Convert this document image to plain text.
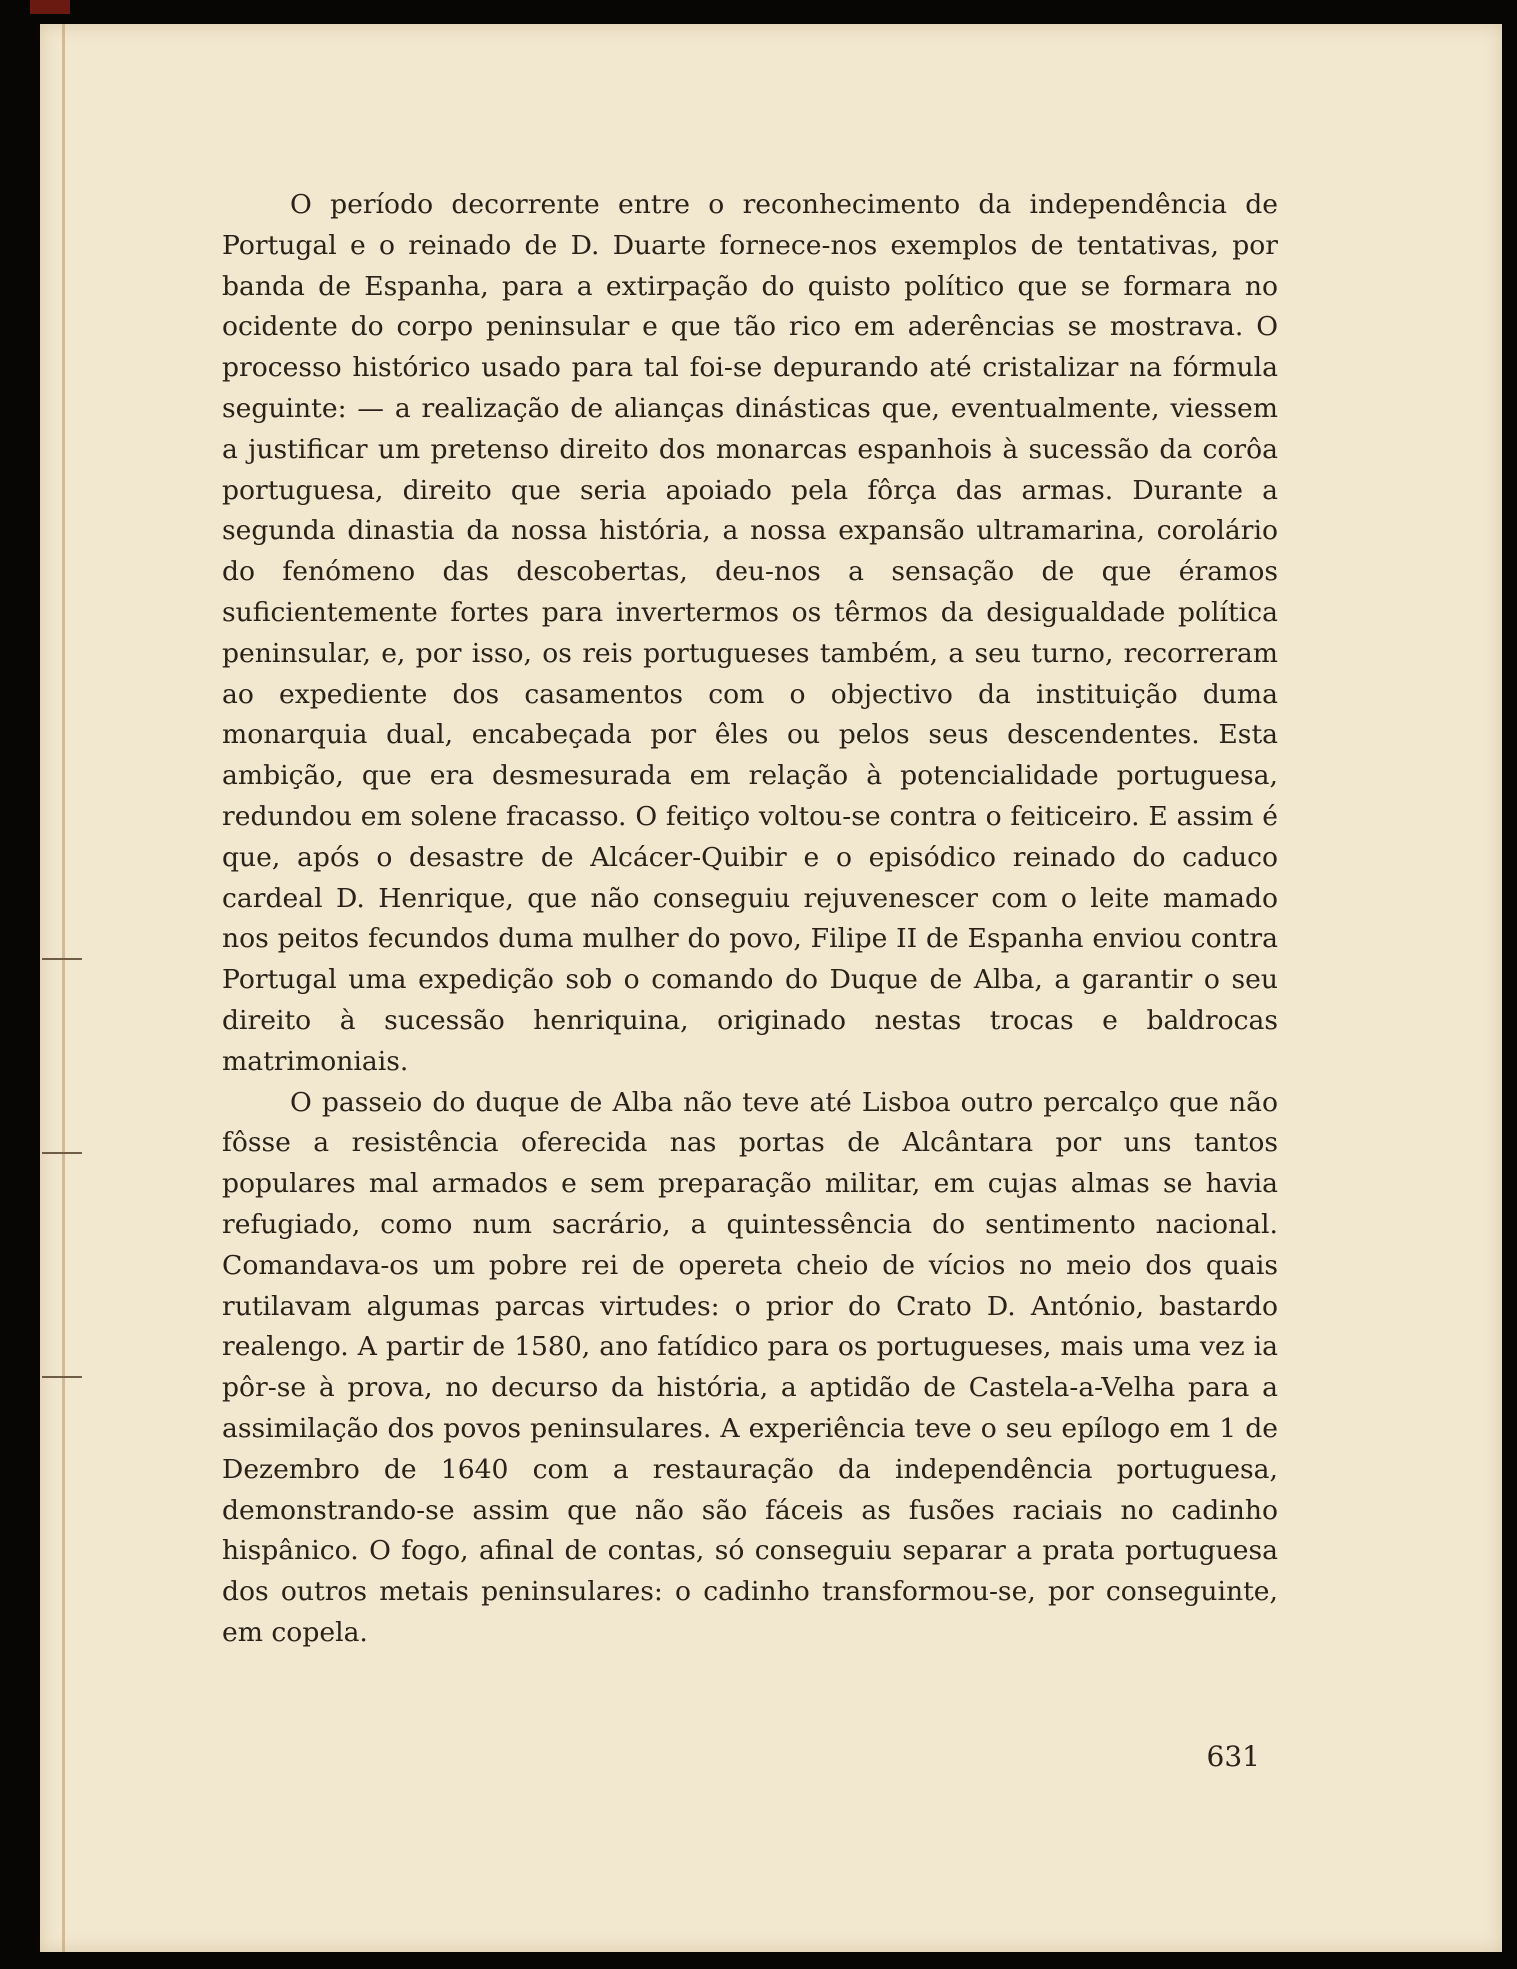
O período decorrente entre o reconhecimento da independência de Portugal e o reinado de D. Duarte fornece-nos exemplos de tentativas, por banda de Espanha, para a extirpação do quisto político que se formara no ocidente do corpo peninsular e que tão rico em aderências se mostrava. O processo histórico usado para tal foi-se depurando até cristalizar na fórmula seguinte: — a realização de alianças dinásticas que, eventualmente, viessem a justificar um pretenso direito dos monarcas espanhois à sucessão da corôa portuguesa, direito que seria apoiado pela fôrça das armas. Durante a segunda dinastia da nossa história, a nossa expansão ultramarina, corolário do fenómeno das descobertas, deu-nos a sensação de que éramos suficientemente fortes para invertermos os têrmos da desigualdade política peninsular, e, por isso, os reis portugueses também, a seu turno, recorreram ao expediente dos casamentos com o objectivo da instituição duma monarquia dual, encabeçada por êles ou pelos seus descendentes. Esta ambição, que era desmesurada em relação à potencialidade portuguesa, redundou em solene fracasso. O feitiço voltou-se contra o feiticeiro. E assim é que, após o desastre de Alcácer-Quibir e o episódico reinado do caduco cardeal D. Henrique, que não conseguiu rejuvenescer com o leite mamado nos peitos fecundos duma mulher do povo, Filipe II de Espanha enviou contra Portugal uma expedição sob o comando do Duque de Alba, a garantir o seu direito à sucessão henriquina, originado nestas trocas e baldrocas matrimoniais.

O passeio do duque de Alba não teve até Lisboa outro percalço que não fôsse a resistência oferecida nas portas de Alcântara por uns tantos populares mal armados e sem preparação militar, em cujas almas se havia refugiado, como num sacrário, a quintessência do sentimento nacional. Comandava-os um pobre rei de opereta cheio de vícios no meio dos quais rutilavam algumas parcas virtudes: o prior do Crato D. António, bastardo realengo. A partir de 1580, ano fatídico para os portugueses, mais uma vez ia pôr-se à prova, no decurso da história, a aptidão de Castela-a-Velha para a assimilação dos povos peninsulares. A experiência teve o seu epílogo em 1 de Dezembro de 1640 com a restauração da independência portuguesa, demonstrando-se assim que não são fáceis as fusões raciais no cadinho hispânico. O fogo, afinal de contas, só conseguiu separar a prata portuguesa dos outros metais peninsulares: o cadinho transformou-se, por conseguinte, em copela.

631
